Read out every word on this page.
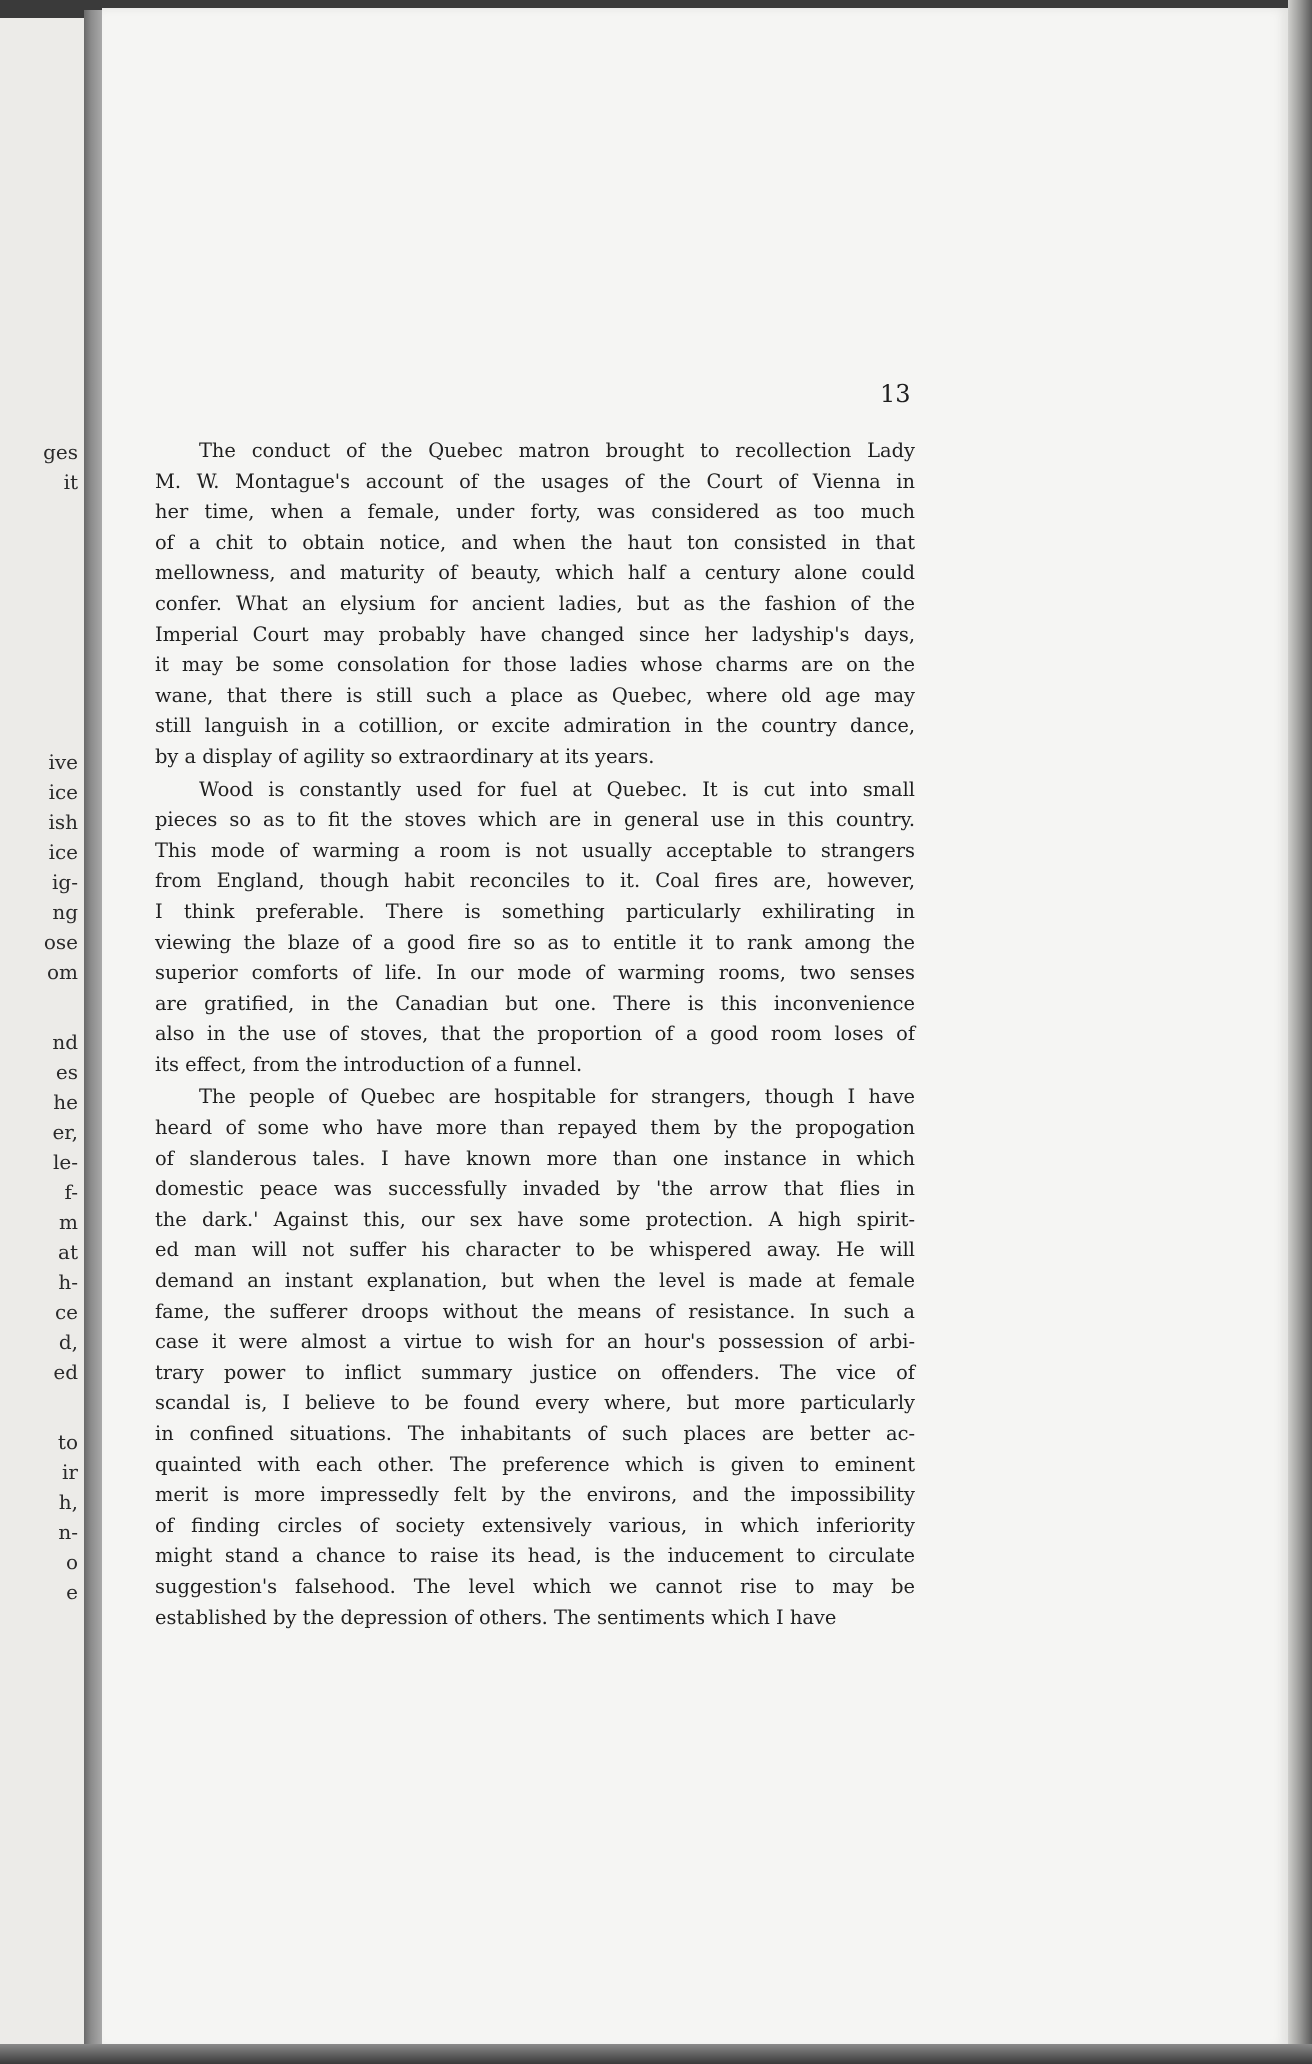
ges
it
ive
ice
ish
ice
ig-
ng
ose
om
nd
es
he
er,
le-
f-
m
at
h-
ce
d,
ed
to
ir
h,
n-
o
e
13
The conduct of the Quebec matron brought to recollection Lady
M. W. Montague's account of the usages of the Court of Vienna in
her time, when a female, under forty, was considered as too much
of a chit to obtain notice, and when the haut ton consisted in that
mellowness, and maturity of beauty, which half a century alone could
confer. What an elysium for ancient ladies, but as the fashion of the
Imperial Court may probably have changed since her ladyship's days,
it may be some consolation for those ladies whose charms are on the
wane, that there is still such a place as Quebec, where old age may
still languish in a cotillion, or excite admiration in the country dance,
by a display of agility so extraordinary at its years.
Wood is constantly used for fuel at Quebec. It is cut into small
pieces so as to fit the stoves which are in general use in this country.
This mode of warming a room is not usually acceptable to strangers
from England, though habit reconciles to it. Coal fires are, however,
I think preferable. There is something particularly exhilirating in
viewing the blaze of a good fire so as to entitle it to rank among the
superior comforts of life. In our mode of warming rooms, two senses
are gratified, in the Canadian but one. There is this inconvenience
also in the use of stoves, that the proportion of a good room loses of
its effect, from the introduction of a funnel.
The people of Quebec are hospitable for strangers, though I have
heard of some who have more than repayed them by the propogation
of slanderous tales. I have known more than one instance in which
domestic peace was successfully invaded by 'the arrow that flies in
the dark.' Against this, our sex have some protection. A high spirit-
ed man will not suffer his character to be whispered away. He will
demand an instant explanation, but when the level is made at female
fame, the sufferer droops without the means of resistance. In such a
case it were almost a virtue to wish for an hour's possession of arbi-
trary power to inflict summary justice on offenders. The vice of
scandal is, I believe to be found every where, but more particularly
in confined situations. The inhabitants of such places are better ac-
quainted with each other. The preference which is given to eminent
merit is more impressedly felt by the environs, and the impossibility
of finding circles of society extensively various, in which inferiority
might stand a chance to raise its head, is the inducement to circulate
suggestion's falsehood. The level which we cannot rise to may be
established by the depression of others. The sentiments which I have
